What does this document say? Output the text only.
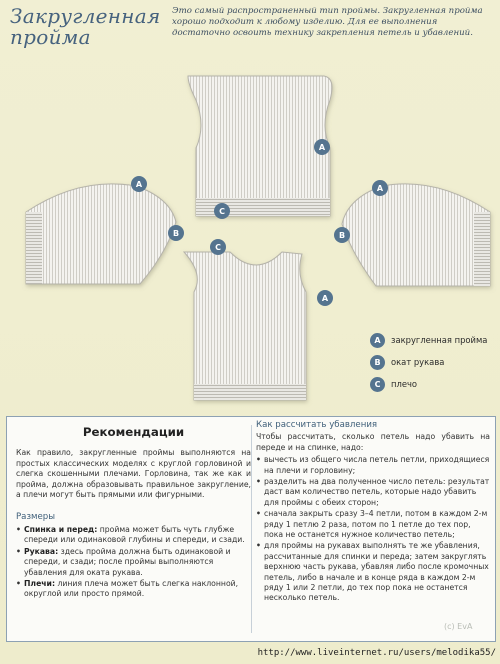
Закругленная пройма
Это самый распространенный тип проймы. Закругленная пройма хорошо подходит к любому изделию. Для ее выполнения достаточно освоить технику закрепления петель и убавлений.
A
C
A
B
A
B
C
A
A	закругленная пройма
B	окат рукава
C	плечо
Рекомендации

Как правило, закругленные проймы выполняются на простых классических моделях с круглой горловиной и слегка скошенными плечами. Горловина, так же как и пройма, должна образовывать правильное закругление, а плечи могут быть прямыми или фигурными.

Размеры
• Спинка и перед: пройма может быть чуть глубже спереди или одинаковой глубины и спереди, и сзади.
• Рукава: здесь пройма должна быть одинаковой и спереди, и сзади; после проймы выполняются убавления для оката рукава.
• Плечи: линия плеча может быть слегка наклонной, округлой или просто прямой.
Как рассчитать убавления

Чтобы рассчитать, сколько петель надо убавить на переде и на спинке, надо:

• вычесть из общего числа петель петли, приходящиеся на плечи и горловину;
• разделить на два полученное число петель: результат даст вам количество петель, которые надо убавить для проймы с обеих сторон;
• сначала закрыть сразу 3–4 петли, потом в каждом 2-м ряду 1 петлю 2 раза, потом по 1 петле до тех пор, пока не останется нужное количество петель;
• для проймы на рукавах выполнять те же убавления, рассчитанные для спинки и переда; затем закруглять верхнюю часть рукава, убавляя либо после кромочных петель, либо в начале и в конце ряда в каждом 2-м ряду 1 или 2 петли, до тех пор пока не останется несколько петель.
(с) EvA
http://www.liveinternet.ru/users/melodika55/
